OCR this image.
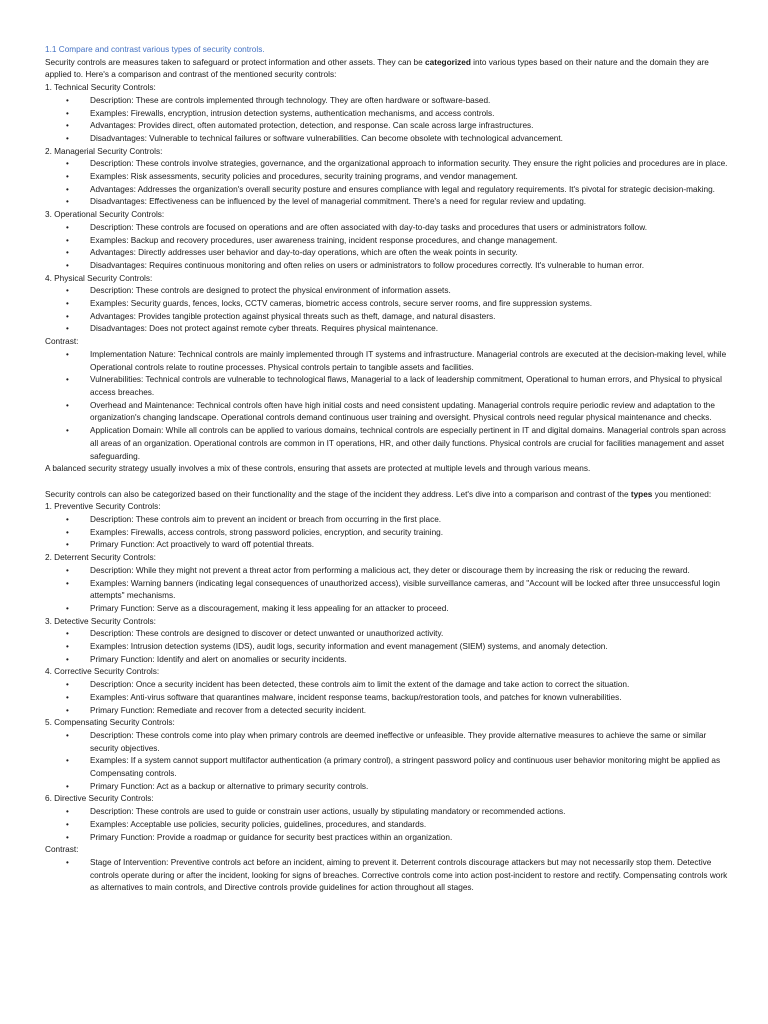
1.1 Compare and contrast various types of security controls.

Security controls are measures taken to safeguard or protect information and other assets. They can be categorized into various types based on their nature and the domain they are applied to. Here's a comparison and contrast of the mentioned security controls:

1. Technical Security Controls:

• Description: These are controls implemented through technology. They are often hardware or software-based.
• Examples: Firewalls, encryption, intrusion detection systems, authentication mechanisms, and access controls.
• Advantages: Provides direct, often automated protection, detection, and response. Can scale across large infrastructures.
• Disadvantages: Vulnerable to technical failures or software vulnerabilities. Can become obsolete with technological advancement.

2. Managerial Security Controls:

• Description: These controls involve strategies, governance, and the organizational approach to information security. They ensure the right policies and procedures are in place.
• Examples: Risk assessments, security policies and procedures, security training programs, and vendor management.
• Advantages: Addresses the organization's overall security posture and ensures compliance with legal and regulatory requirements. It's pivotal for strategic decision-making.
• Disadvantages: Effectiveness can be influenced by the level of managerial commitment. There's a need for regular review and updating.

3. Operational Security Controls:

• Description: These controls are focused on operations and are often associated with day-to-day tasks and procedures that users or administrators follow.
• Examples: Backup and recovery procedures, user awareness training, incident response procedures, and change management.
• Advantages: Directly addresses user behavior and day-to-day operations, which are often the weak points in security.
• Disadvantages: Requires continuous monitoring and often relies on users or administrators to follow procedures correctly. It's vulnerable to human error.

4. Physical Security Controls:

• Description: These controls are designed to protect the physical environment of information assets.
• Examples: Security guards, fences, locks, CCTV cameras, biometric access controls, secure server rooms, and fire suppression systems.
• Advantages: Provides tangible protection against physical threats such as theft, damage, and natural disasters.
• Disadvantages: Does not protect against remote cyber threats. Requires physical maintenance.

Contrast:

• Implementation Nature: Technical controls are mainly implemented through IT systems and infrastructure. Managerial controls are executed at the decision-making level, while Operational controls relate to routine processes. Physical controls pertain to tangible assets and facilities.
• Vulnerabilities: Technical controls are vulnerable to technological flaws, Managerial to a lack of leadership commitment, Operational to human errors, and Physical to physical access breaches.
• Overhead and Maintenance: Technical controls often have high initial costs and need consistent updating. Managerial controls require periodic review and adaptation to the organization's changing landscape. Operational controls demand continuous user training and oversight. Physical controls need regular physical maintenance and checks.
• Application Domain: While all controls can be applied to various domains, technical controls are especially pertinent in IT and digital domains. Managerial controls span across all areas of an organization. Operational controls are common in IT operations, HR, and other daily functions. Physical controls are crucial for facilities management and asset safeguarding.

A balanced security strategy usually involves a mix of these controls, ensuring that assets are protected at multiple levels and through various means.

Security controls can also be categorized based on their functionality and the stage of the incident they address. Let's dive into a comparison and contrast of the types you mentioned:

1. Preventive Security Controls:

• Description: These controls aim to prevent an incident or breach from occurring in the first place.
• Examples: Firewalls, access controls, strong password policies, encryption, and security training.
• Primary Function: Act proactively to ward off potential threats.

2. Deterrent Security Controls:

• Description: While they might not prevent a threat actor from performing a malicious act, they deter or discourage them by increasing the risk or reducing the reward.
• Examples: Warning banners (indicating legal consequences of unauthorized access), visible surveillance cameras, and "Account will be locked after three unsuccessful login attempts" mechanisms.
• Primary Function: Serve as a discouragement, making it less appealing for an attacker to proceed.

3. Detective Security Controls:

• Description: These controls are designed to discover or detect unwanted or unauthorized activity.
• Examples: Intrusion detection systems (IDS), audit logs, security information and event management (SIEM) systems, and anomaly detection.
• Primary Function: Identify and alert on anomalies or security incidents.

4. Corrective Security Controls:

• Description: Once a security incident has been detected, these controls aim to limit the extent of the damage and take action to correct the situation.
• Examples: Anti-virus software that quarantines malware, incident response teams, backup/restoration tools, and patches for known vulnerabilities.
• Primary Function: Remediate and recover from a detected security incident.

5. Compensating Security Controls:

• Description: These controls come into play when primary controls are deemed ineffective or unfeasible. They provide alternative measures to achieve the same or similar security objectives.
• Examples: If a system cannot support multifactor authentication (a primary control), a stringent password policy and continuous user behavior monitoring might be applied as Compensating controls.
• Primary Function: Act as a backup or alternative to primary security controls.

6. Directive Security Controls:

• Description: These controls are used to guide or constrain user actions, usually by stipulating mandatory or recommended actions.
• Examples: Acceptable use policies, security policies, guidelines, procedures, and standards.
• Primary Function: Provide a roadmap or guidance for security best practices within an organization.

Contrast:

• Stage of Intervention: Preventive controls act before an incident, aiming to prevent it. Deterrent controls discourage attackers but may not necessarily stop them. Detective controls operate during or after the incident, looking for signs of breaches. Corrective controls come into action post-incident to restore and rectify. Compensating controls work as alternatives to main controls, and Directive controls provide guidelines for action throughout all stages.
